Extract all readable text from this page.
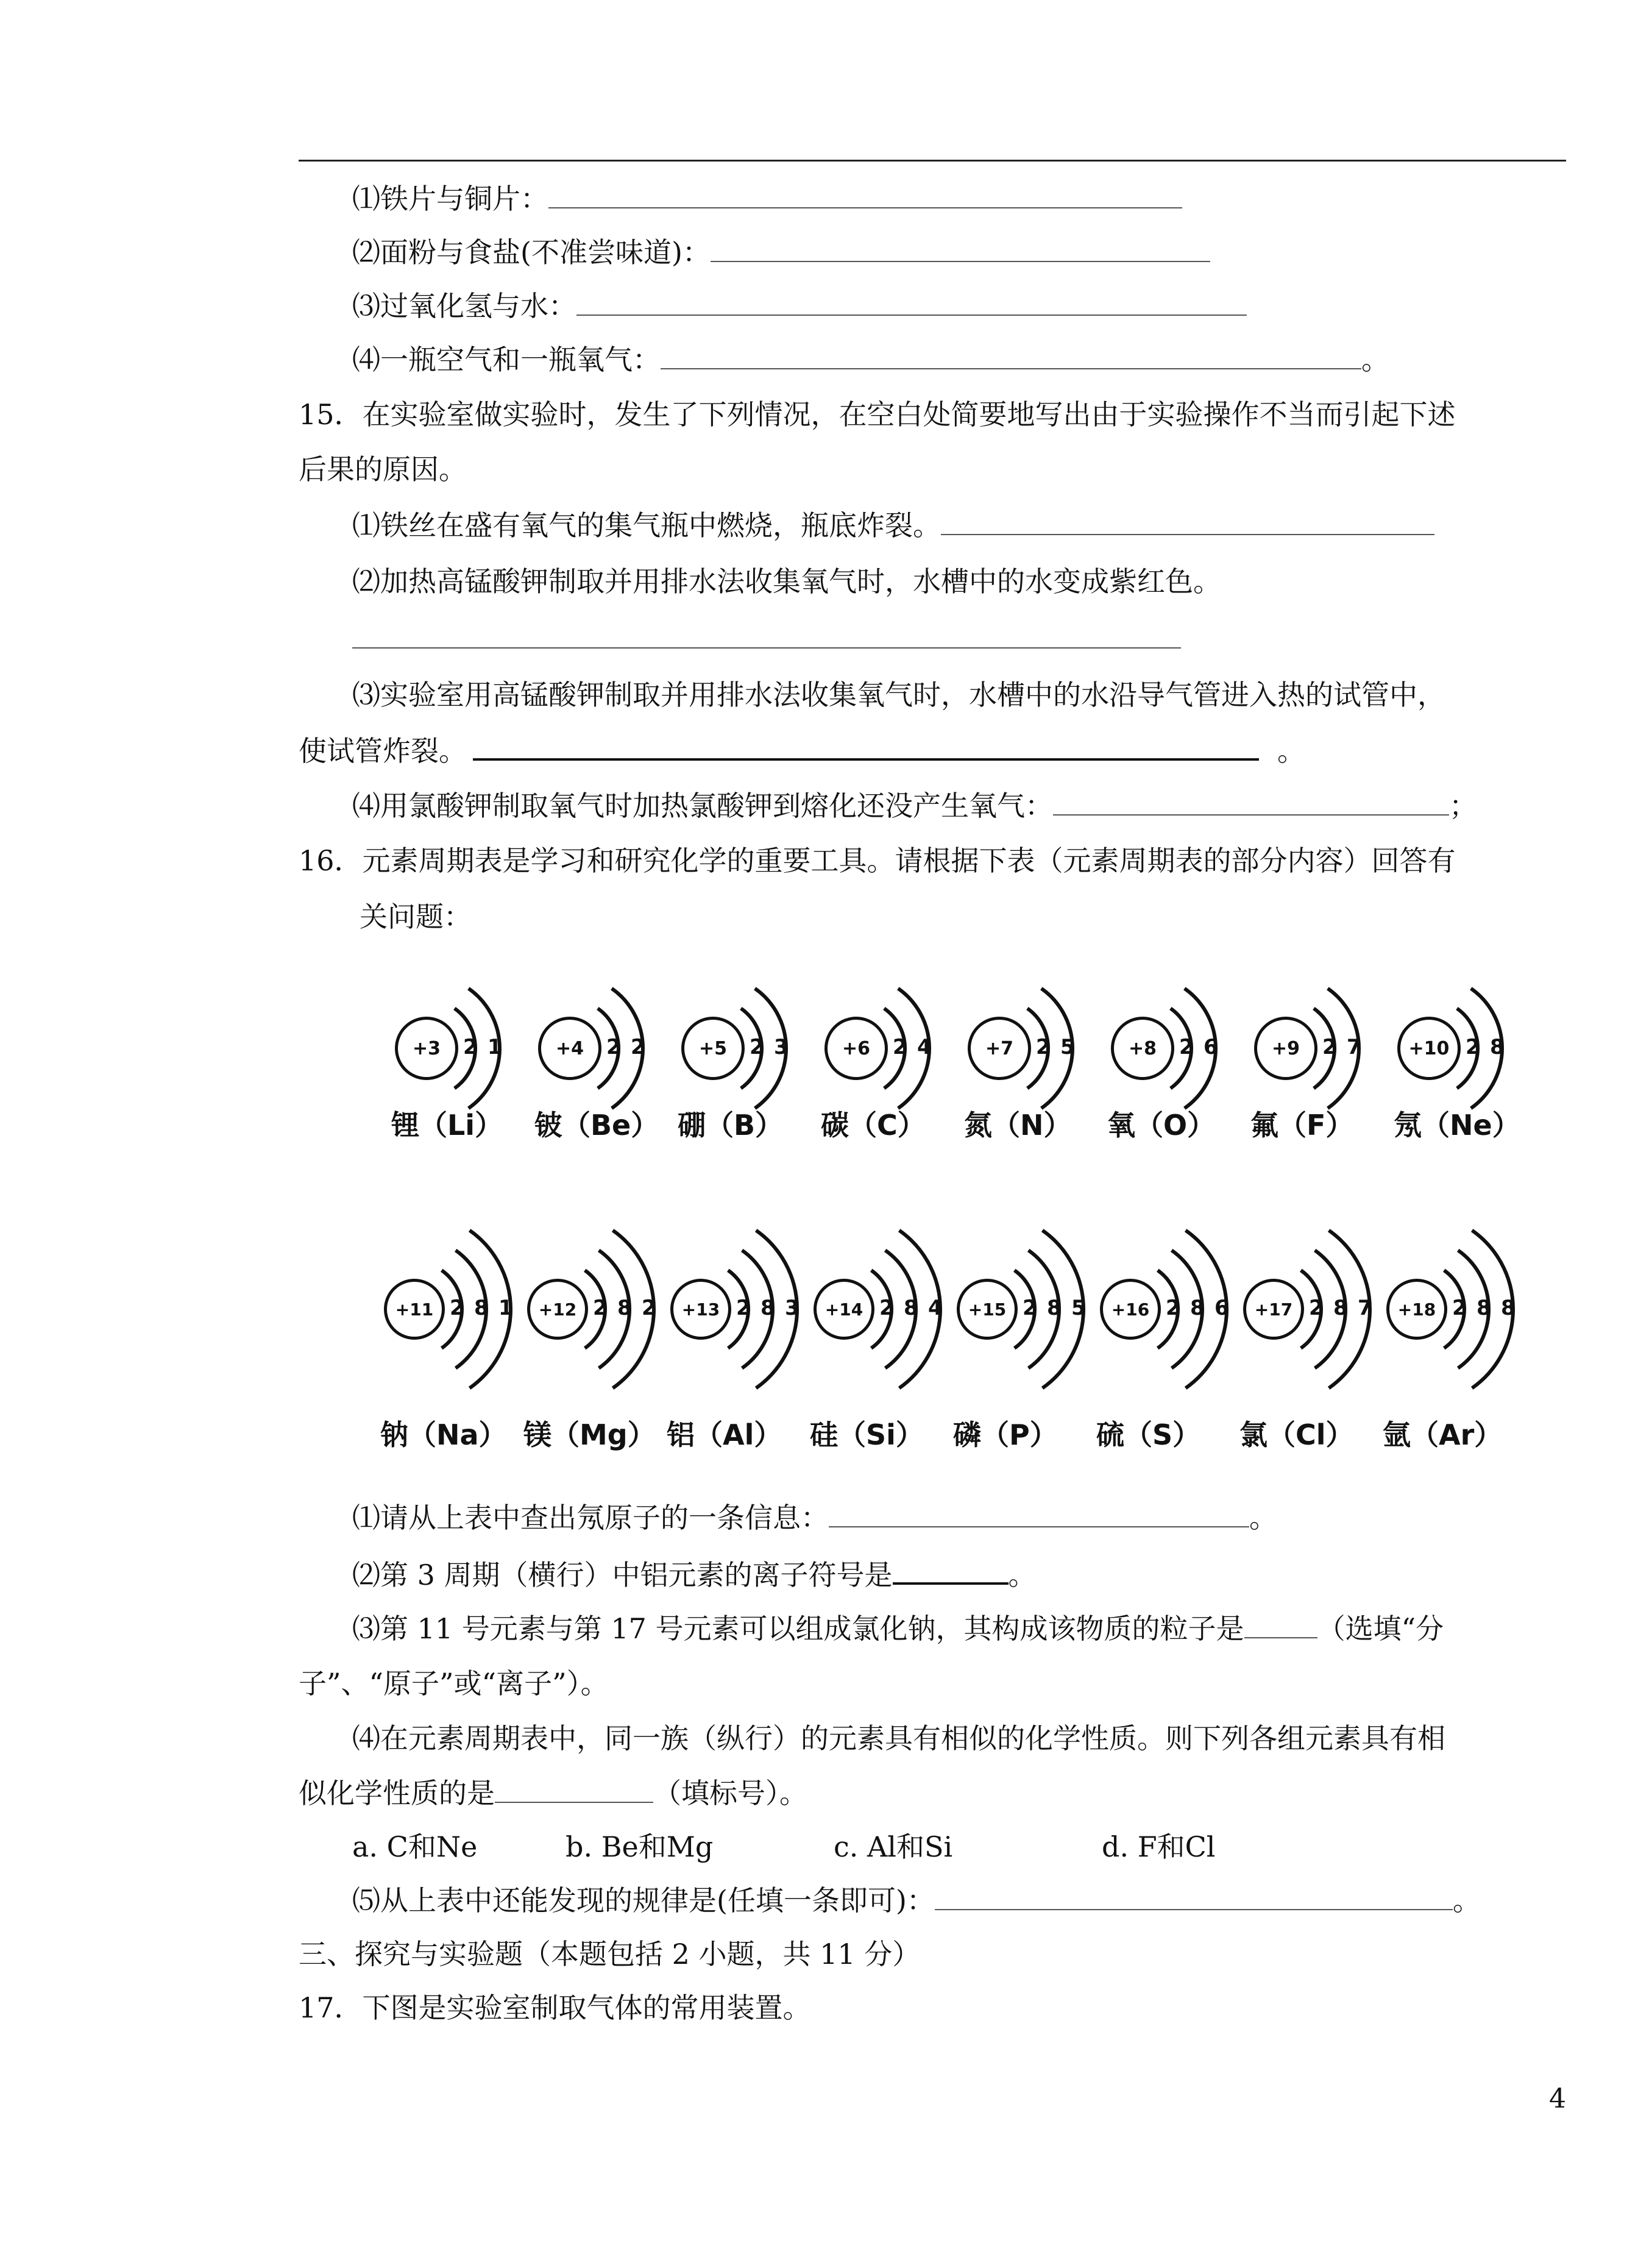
⑴铁片与铜片：
⑵面粉与食盐(不准尝味道)：
⑶过氧化氢与水：
⑷一瓶空气和一瓶氧气：	。
15．在实验室做实验时，发生了下列情况，在空白处简要地写出由于实验操作不当而引起下述
后果的原因。
⑴铁丝在盛有氧气的集气瓶中燃烧，瓶底炸裂。
⑵加热高锰酸钾制取并用排水法收集氧气时，水槽中的水变成紫红色。
⑶实验室用高锰酸钾制取并用排水法收集氧气时，水槽中的水沿导气管进入热的试管中，
使试管炸裂。	。
⑷用氯酸钾制取氧气时加热氯酸钾到熔化还没产生氧气：	；
16．元素周期表是学习和研究化学的重要工具。请根据下表（元素周期表的部分内容）回答有
关问题：
+3	2 1
锂（Li）
+4	2 2
铍（Be）
+5	2 3
硼（B）
+6	2 4
碳（C）
+7	2 5
氮（N）
+8	2 6
氧（O）
+9	2 7
氟（F）
+10 2 8
氖（Ne）
+11 2 8 1
钠（Na）
+12 2 8 2
镁（Mg）
+13 2 8 3
铝（Al）
+14 2 8 4
硅（Si）
+15 2 8 5
磷（P）
+16 2 8 6
硫（S）
+17 2 8 7
氯（Cl）
+18 2 8 8
氩（Ar）
⑴请从上表中查出氖原子的一条信息：	。
⑵第 3 周期（横行）中铝元素的离子符号是	。
⑶第 11 号元素与第 17 号元素可以组成氯化钠，其构成该物质的粒子是	（选填“分
子”、“原子”或“离子”）。
⑷在元素周期表中，同一族（纵行）的元素具有相似的化学性质。则下列各组元素具有相
似化学性质的是	（填标号）。
a. C和Ne	b. Be和Mg	c. Al和Si	d. F和Cl
⑸从上表中还能发现的规律是(任填一条即可)：	。
三、探究与实验题（本题包括 2 小题，共 11 分）
17．下图是实验室制取气体的常用装置。
4
